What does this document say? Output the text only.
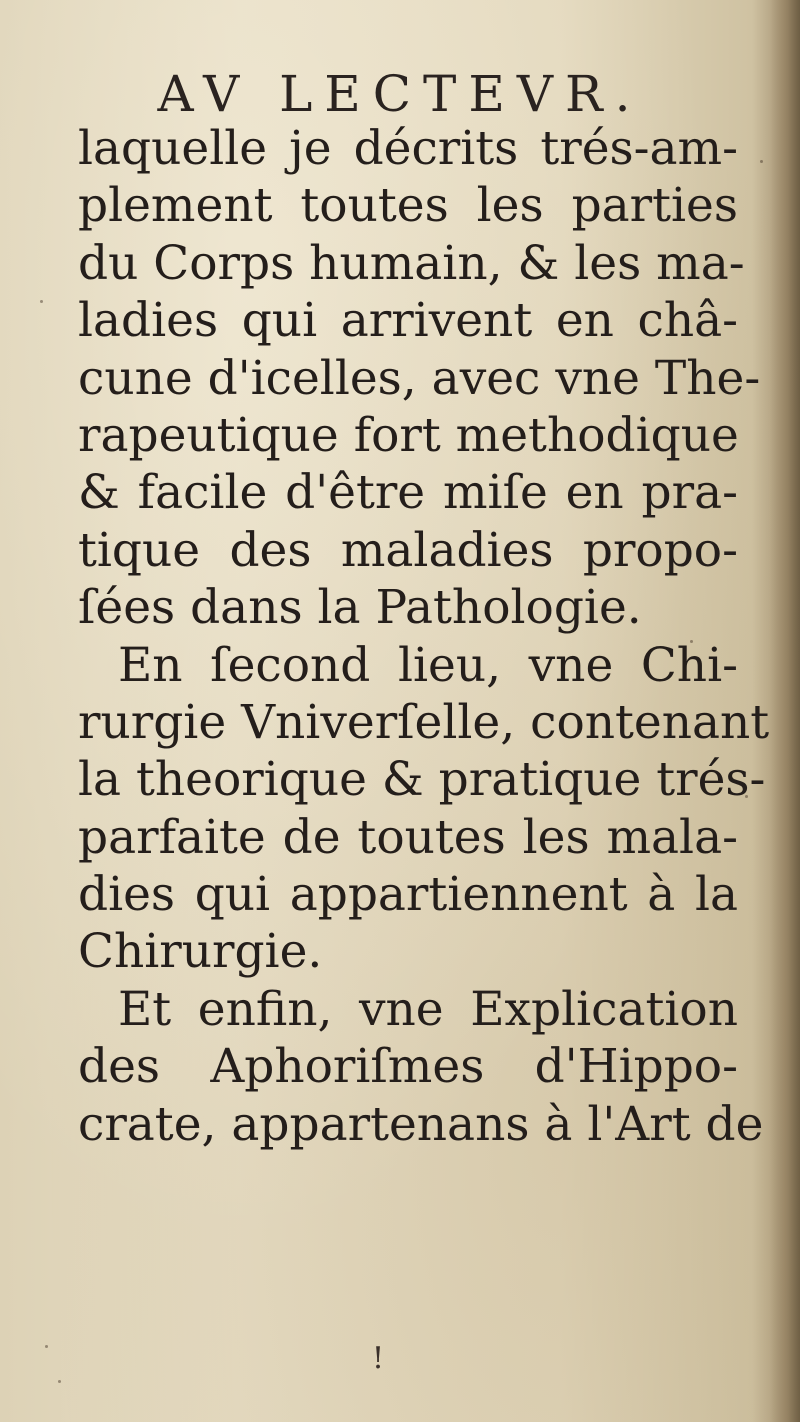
AV LECTEVR.
laquelle je décrits trés-am-
plement toutes les parties
du Corps humain, & les ma-
ladies qui arrivent en châ-
cune d'icelles, avec vne The-
rapeutique fort methodique
& facile d'être miſe en pra-
tique des maladies propo-
ſées dans la Pathologie.
En ſecond lieu, vne Chi-
rurgie Vniverſelle, contenant
la theorique & pratique trés-
parfaite de toutes les mala-
dies qui appartiennent à la
Chirurgie.
Et enfin, vne Explication
des Aphoriſmes d'Hippo-
crate, appartenans à l'Art de
!
